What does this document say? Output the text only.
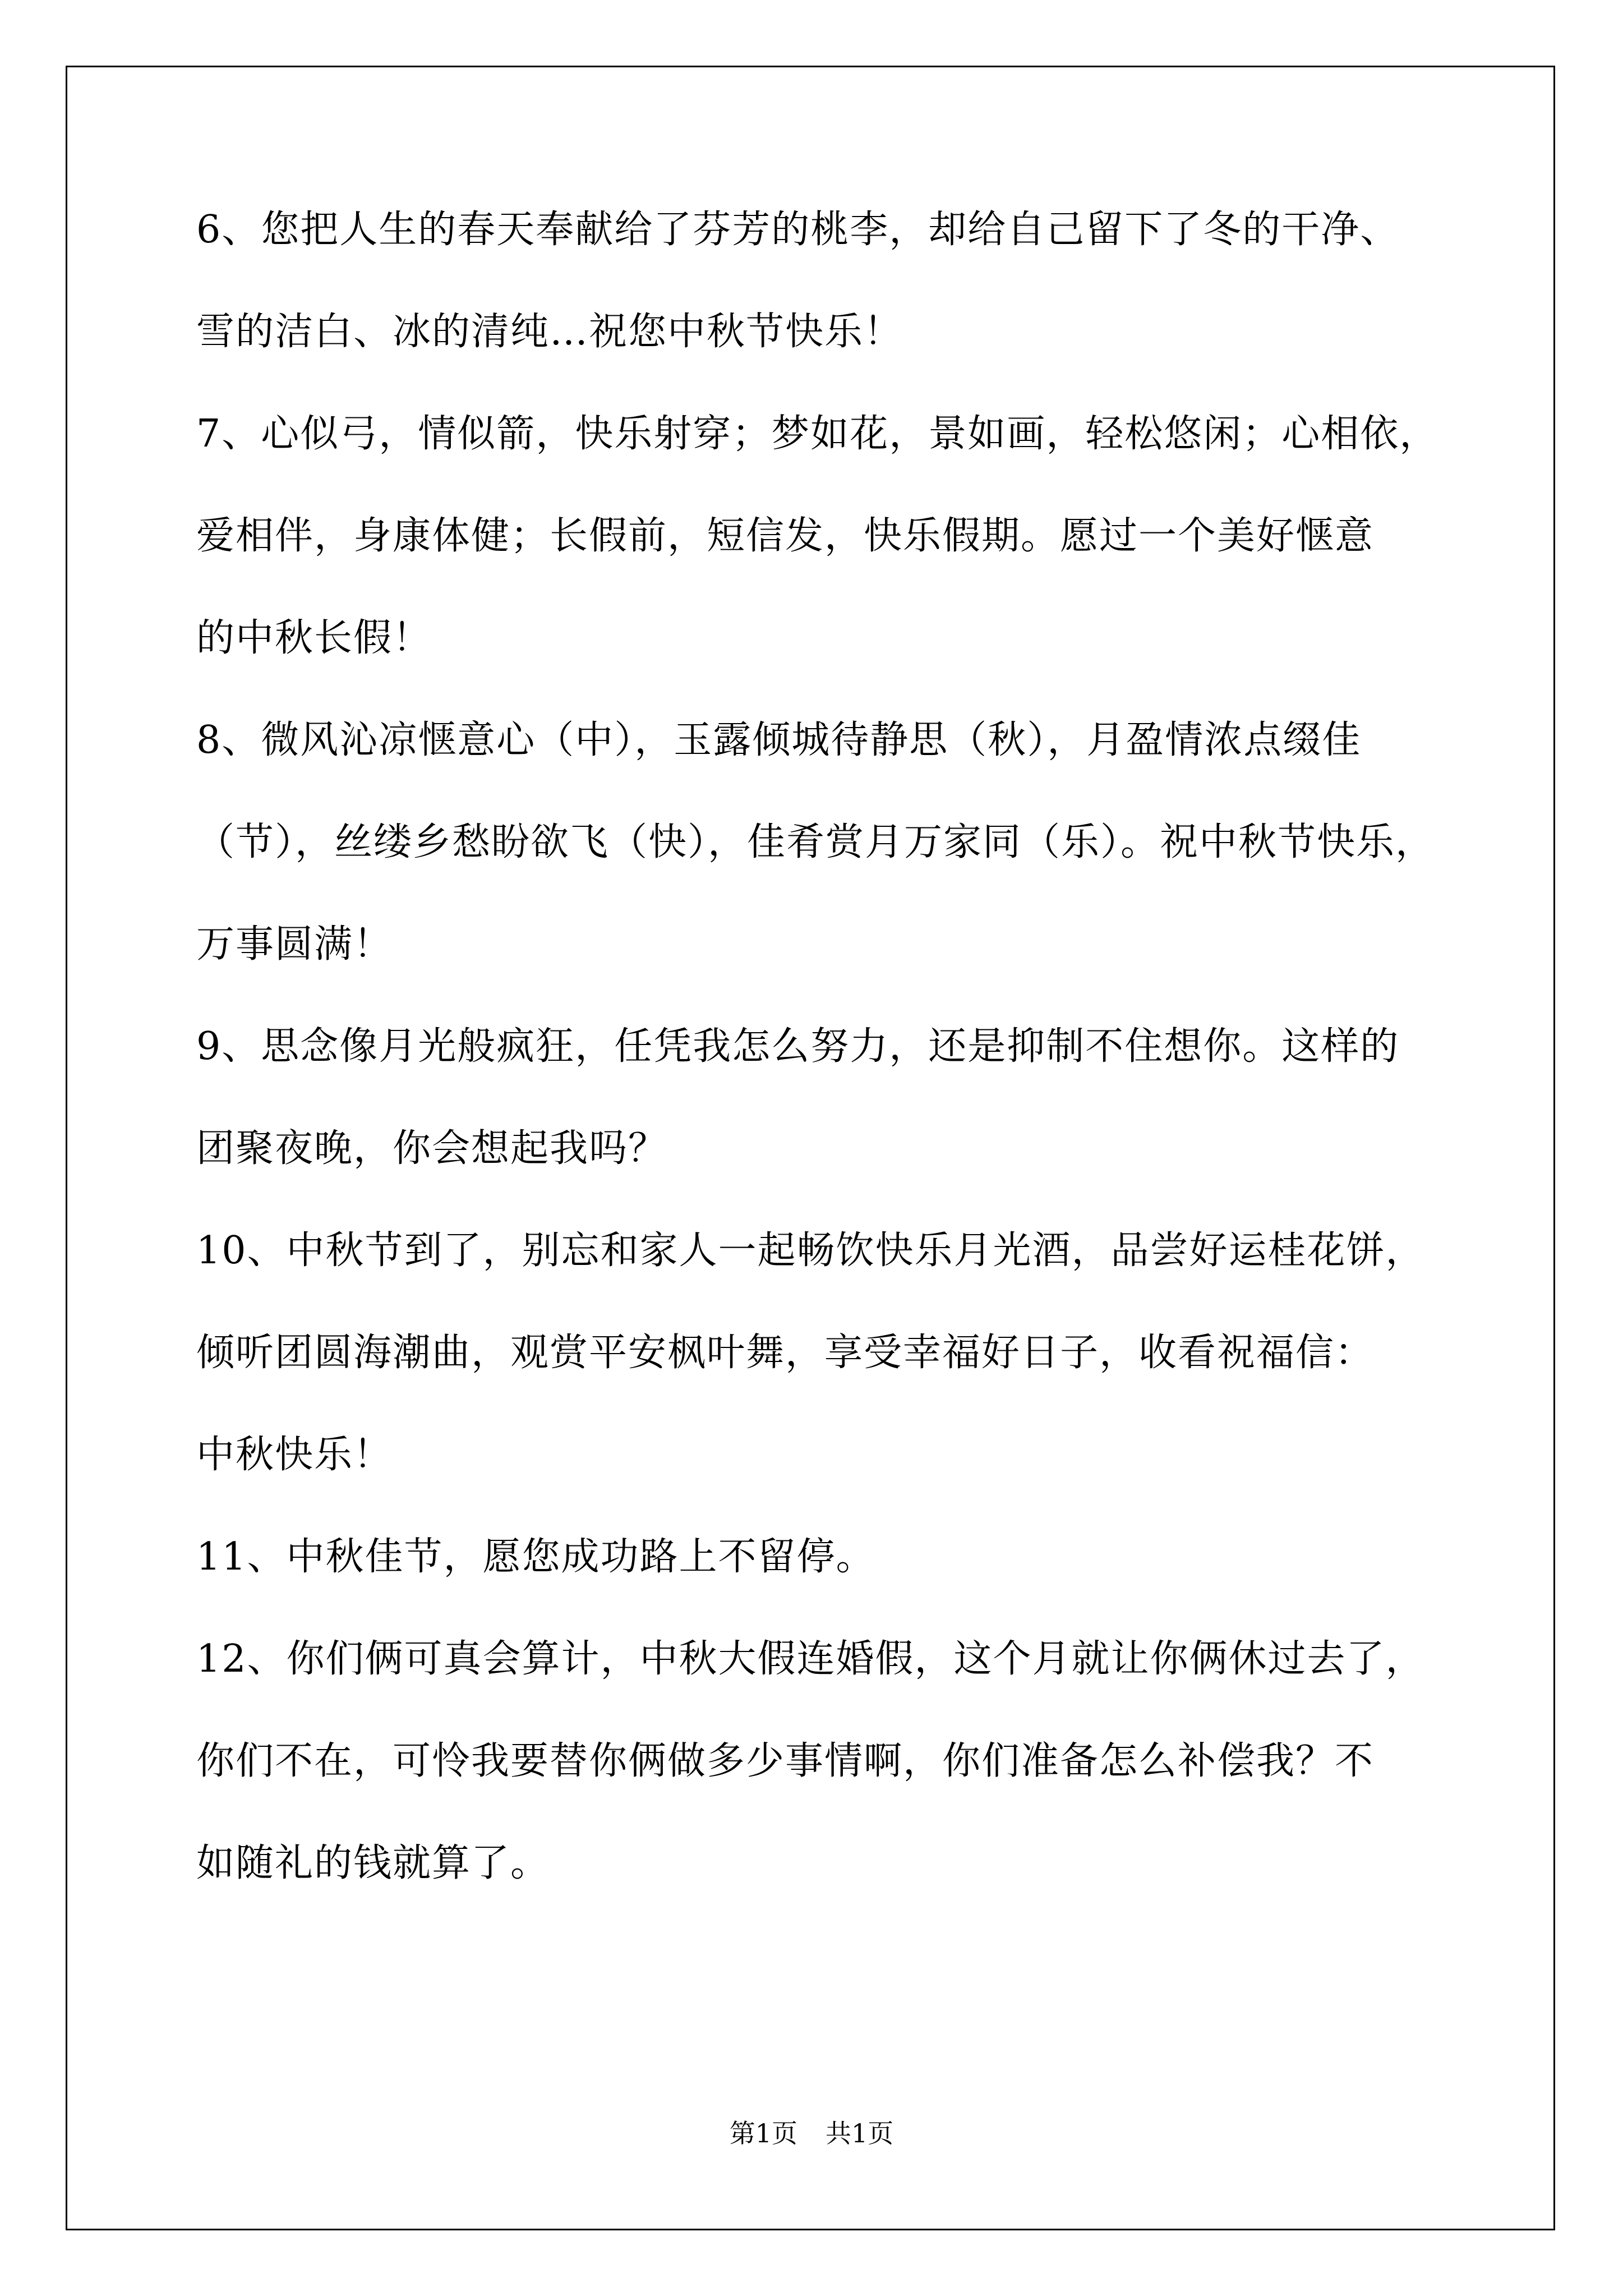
6、您把人生的春天奉献给了芬芳的桃李，却给自己留下了冬的干净、
雪的洁白、冰的清纯…祝您中秋节快乐！
7、心似弓，情似箭，快乐射穿；梦如花，景如画，轻松悠闲；心相依，
爱相伴，身康体健；长假前，短信发，快乐假期。愿过一个美好惬意
的中秋长假！
8、微风沁凉惬意心（中），玉露倾城待静思（秋），月盈情浓点缀佳
（节），丝缕乡愁盼欲飞（快），佳肴赏月万家同（乐）。祝中秋节快乐，
万事圆满！
9、思念像月光般疯狂，任凭我怎么努力，还是抑制不住想你。这样的
团聚夜晚，你会想起我吗？
10、中秋节到了，别忘和家人一起畅饮快乐月光酒，品尝好运桂花饼，
倾听团圆海潮曲，观赏平安枫叶舞，享受幸福好日子，收看祝福信：
中秋快乐！
11、中秋佳节，愿您成功路上不留停。
12、你们俩可真会算计，中秋大假连婚假，这个月就让你俩休过去了，
你们不在，可怜我要替你俩做多少事情啊，你们准备怎么补偿我？不
如随礼的钱就算了。
第1页 共1页
